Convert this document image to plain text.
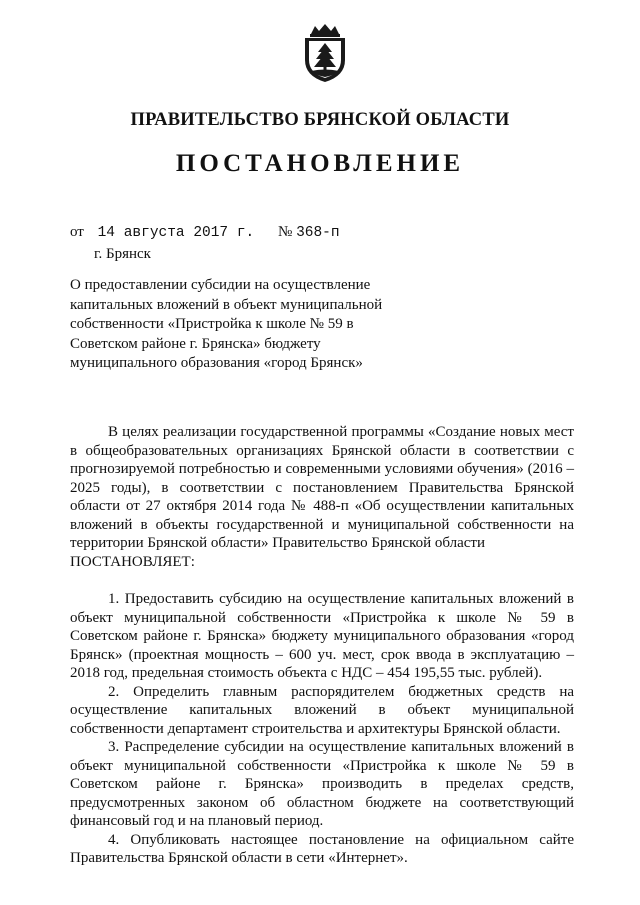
ПРАВИТЕЛЬСТВО БРЯНСКОЙ ОБЛАСТИ
ПОСТАНОВЛЕНИЕ
от 14 августа 2017 г. № 368-п
г. Брянск
О предоставлении субсидии на осуществление капитальных вложений в объект муниципальной собственности «Пристройка к школе № 59 в Советском районе г. Брянска» бюджету муниципального образования «город Брянск»

В целях реализации государственной программы «Создание новых мест в общеобразовательных организациях Брянской области в соответствии с прогнозируемой потребностью и современными условиями обучения» (2016 – 2025 годы), в соответствии с постановлением Правительства Брянской области от 27 октября 2014 года № 488-п «Об осуществлении капитальных вложений в объекты государственной и муниципальной собственности на территории Брянской области» Правительство Брянской области

ПОСТАНОВЛЯЕТ:

1. Предоставить субсидию на осуществление капитальных вложений в объект муниципальной собственности «Пристройка к школе № 59 в Советском районе г. Брянска» бюджету муниципального образования «город Брянск» (проектная мощность – 600 уч. мест, срок ввода в эксплуатацию – 2018 год, предельная стоимость объекта с НДС – 454 195,55 тыс. рублей).

2. Определить главным распорядителем бюджетных средств на осуществление капитальных вложений в объект муниципальной собственности департамент строительства и архитектуры Брянской области.

3. Распределение субсидии на осуществление капитальных вложений в объект муниципальной собственности «Пристройка к школе № 59 в Советском районе г. Брянска» производить в пределах средств, предусмотренных законом об областном бюджете на соответствующий финансовый год и на плановый период.

4. Опубликовать настоящее постановление на официальном сайте Правительства Брянской области в сети «Интернет».
